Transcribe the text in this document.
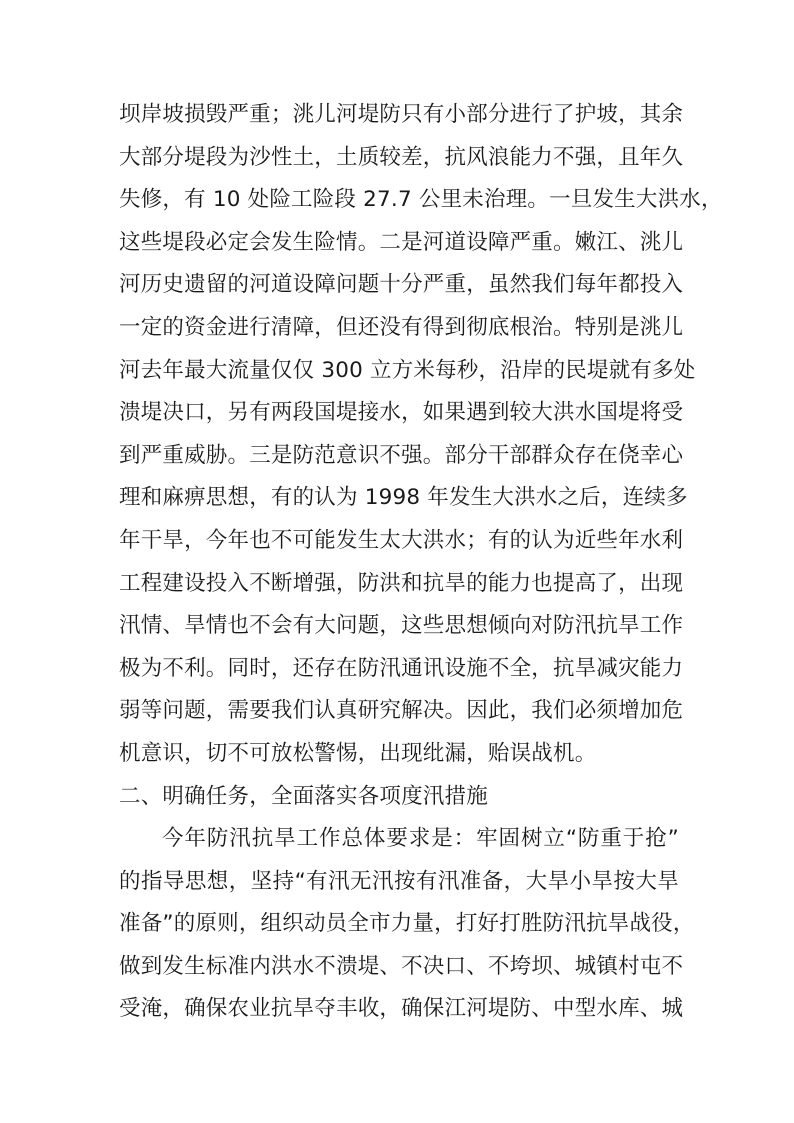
坝岸坡损毁严重；洮儿河堤防只有小部分进行了护坡，其余
大部分堤段为沙性土，土质较差，抗风浪能力不强，且年久
失修，有 10 处险工险段 27.7 公里未治理。一旦发生大洪水，
这些堤段必定会发生险情。二是河道设障严重。嫩江、洮儿
河历史遗留的河道设障问题十分严重，虽然我们每年都投入
一定的资金进行清障，但还没有得到彻底根治。特别是洮儿
河去年最大流量仅仅 300 立方米每秒，沿岸的民堤就有多处
溃堤决口，另有两段国堤接水，如果遇到较大洪水国堤将受
到严重威胁。三是防范意识不强。部分干部群众存在侥幸心
理和麻痹思想，有的认为 1998 年发生大洪水之后，连续多
年干旱，今年也不可能发生太大洪水；有的认为近些年水利
工程建设投入不断增强，防洪和抗旱的能力也提高了，出现
汛情、旱情也不会有大问题，这些思想倾向对防汛抗旱工作
极为不利。同时，还存在防汛通讯设施不全，抗旱减灾能力
弱等问题，需要我们认真研究解决。因此，我们必须增加危
机意识，切不可放松警惕，出现纰漏，贻误战机。
二、明确任务，全面落实各项度汛措施
今年防汛抗旱工作总体要求是：牢固树立“防重于抢”
的指导思想，坚持“有汛无汛按有汛准备，大旱小旱按大旱
准备”的原则，组织动员全市力量，打好打胜防汛抗旱战役，
做到发生标准内洪水不溃堤、不决口、不垮坝、城镇村屯不
受淹，确保农业抗旱夺丰收，确保江河堤防、中型水库、城
